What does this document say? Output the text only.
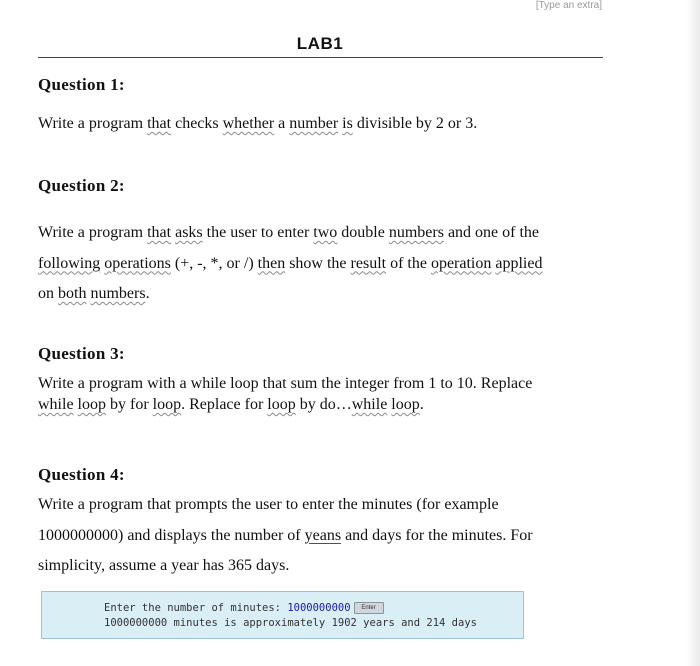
[Type an extra]
LAB1
Question 1:
Write a program that checks whether a number is divisible by 2 or 3.
Question 2:
Write a program that asks the user to enter two double numbers and one of the
following operations (+, -, *, or /) then show the result of the operation applied
on both numbers.
Question 3:
Write a program with a while loop that sum the integer from 1 to 10. Replace
while loop by for loop. Replace for loop by do…while loop.
Question 4:
Write a program that prompts the user to enter the minutes (for example
1000000000) and displays the number of yeans and days for the minutes. For
simplicity, assume a year has 365 days.
Enter the number of minutes: 1000000000 Enter
1000000000 minutes is approximately 1902 years and 214 days
